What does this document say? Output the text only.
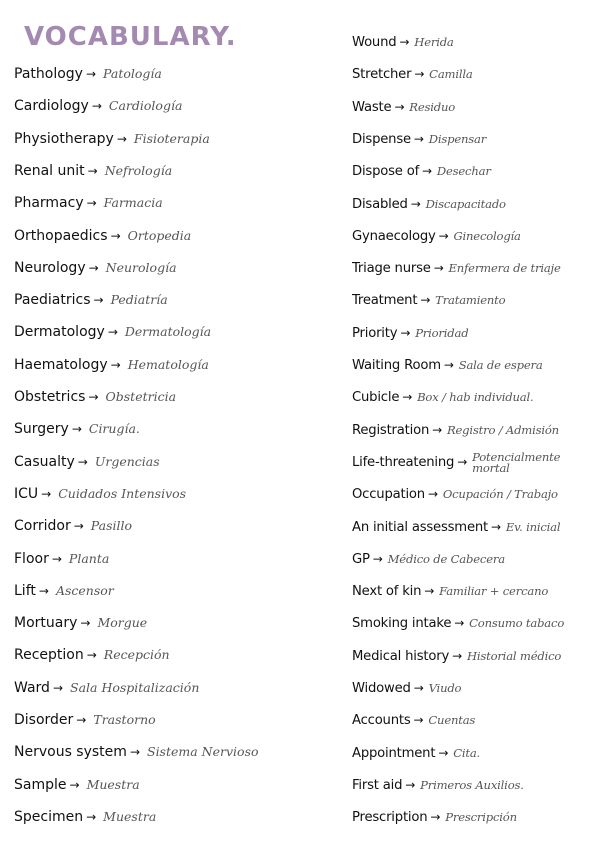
VOCABULARY.
Pathology → Patología
Cardiology → Cardiología
Physiotherapy → Fisioterapia
Renal unit → Nefrología
Pharmacy → Farmacia
Orthopaedics → Ortopedia
Neurology → Neurología
Paediatrics → Pediatría
Dermatology → Dermatología
Haematology → Hematología
Obstetrics → Obstetricia
Surgery → Cirugía.
Casualty → Urgencias
ICU → Cuidados Intensivos
Corridor → Pasillo
Floor → Planta
Lift → Ascensor
Mortuary → Morgue
Reception → Recepción
Ward → Sala Hospitalización
Disorder → Trastorno
Nervous system → Sistema Nervioso
Sample → Muestra
Specimen → Muestra
Wound → Herida
Stretcher → Camilla
Waste → Residuo
Dispense → Dispensar
Dispose of → Desechar
Disabled → Discapacitado
Gynaecology → Ginecología
Triage nurse → Enfermera de triaje
Treatment → Tratamiento
Priority → Prioridad
Waiting Room → Sala de espera
Cubicle → Box / hab individual.
Registration → Registro / Admisión
Life-threatening → Potencialmente mortal
Occupation → Ocupación / Trabajo
An initial assessment → Ev. inicial
GP → Médico de Cabecera
Next of kin → Familiar + cercano
Smoking intake → Consumo tabaco
Medical history → Historial médico
Widowed → Viudo
Accounts → Cuentas
Appointment → Cita.
First aid → Primeros Auxilios.
Prescription → Prescripción
